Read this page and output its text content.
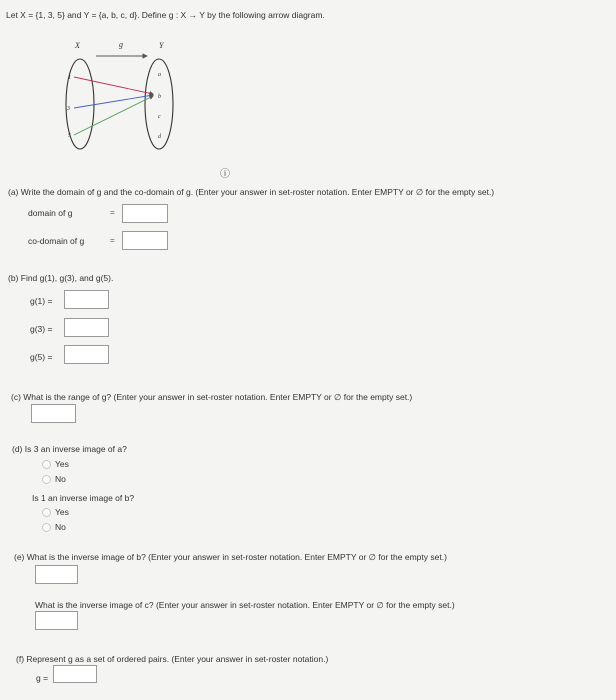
Let X = {1, 3, 5} and Y = {a, b, c, d}. Define g : X → Y by the following arrow diagram.
X	Y
g
1
3
5
a
b
c
d
ⓘ
(a) Write the domain of g and the co-domain of g. (Enter your answer in set-roster notation. Enter EMPTY or ∅ for the empty set.)
domain of g	=
co-domain of g	=
(b) Find g(1), g(3), and g(5).
g(1) =
g(3) =
g(5) =
(c) What is the range of g? (Enter your answer in set-roster notation. Enter EMPTY or ∅ for the empty set.)
(d) Is 3 an inverse image of a?
Yes
No
Is 1 an inverse image of b?
Yes
No
(e) What is the inverse image of b? (Enter your answer in set-roster notation. Enter EMPTY or ∅ for the empty set.)
What is the inverse image of c? (Enter your answer in set-roster notation. Enter EMPTY or ∅ for the empty set.)
(f) Represent g as a set of ordered pairs. (Enter your answer in set-roster notation.)
g =
